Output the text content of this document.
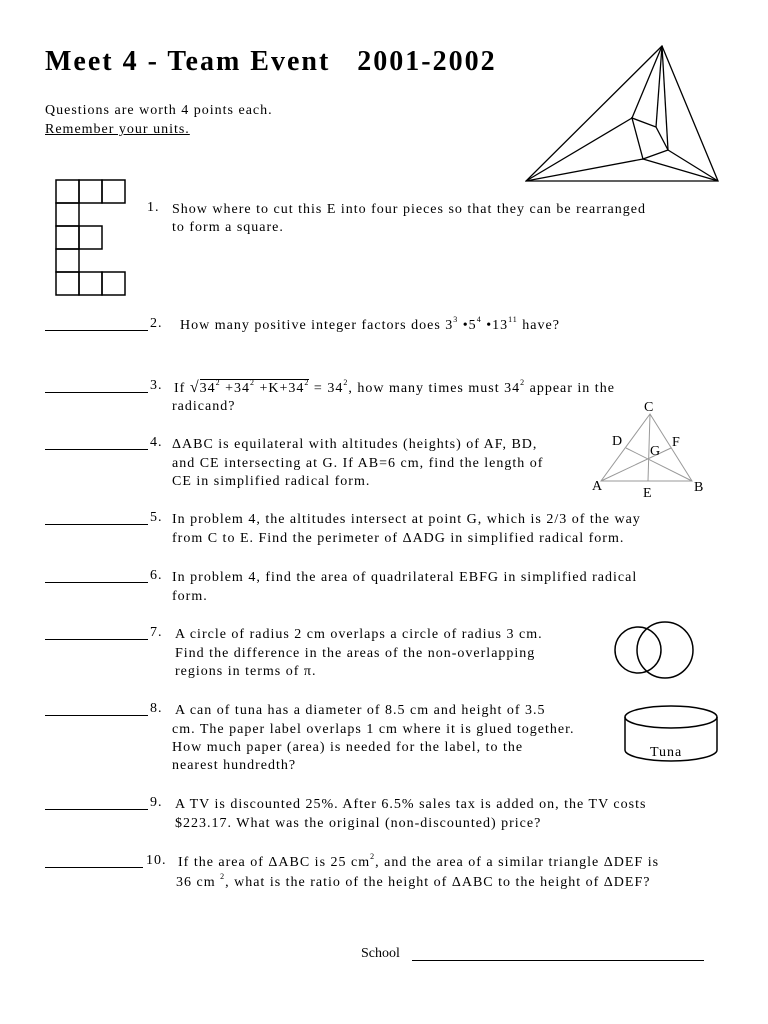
Meet 4 - Team Event   2001-2002
Questions are worth 4 points each.
Remember your units.
1. Show where to cut this E into four pieces so that they can be rearranged
to form a square.
2. How many positive integer factors does $3^3$ $•5^4$ $•13^{11}$ have?
3. If $√34^2 +34^2 +K+34^2 = 34^2$, how many times must $34^2$ appear in the
radicand?	C
D	F
G
A	E	B
4. ΔABC is equilateral with altitudes (heights) of AF, BD,
and CE intersecting at G. If AB=6 cm, find the length of
CE in simplified radical form.
5. In problem 4, the altitudes intersect at point G, which is 2/3 of the way
from C to E. Find the perimeter of ΔADG in simplified radical form.
6. In problem 4, find the area of quadrilateral EBFG in simplified radical
form.
7. A circle of radius 2 cm overlaps a circle of radius 3 cm.
Find the difference in the areas of the non-overlapping
regions in terms of π.
Tuna
8. A can of tuna has a diameter of 8.5 cm and height of 3.5
cm. The paper label overlaps 1 cm where it is glued together.
How much paper (area) is needed for the label, to the
nearest hundredth?
9. A TV is discounted 25%. After 6.5% sales tax is added on, the TV costs
$223.17. What was the original (non-discounted) price?
10. If the area of ΔABC is 25 $cm^2$, and the area of a similar triangle ΔDEF is
36 cm $^2$, what is the ratio of the height of ΔABC to the height of ΔDEF?
School
